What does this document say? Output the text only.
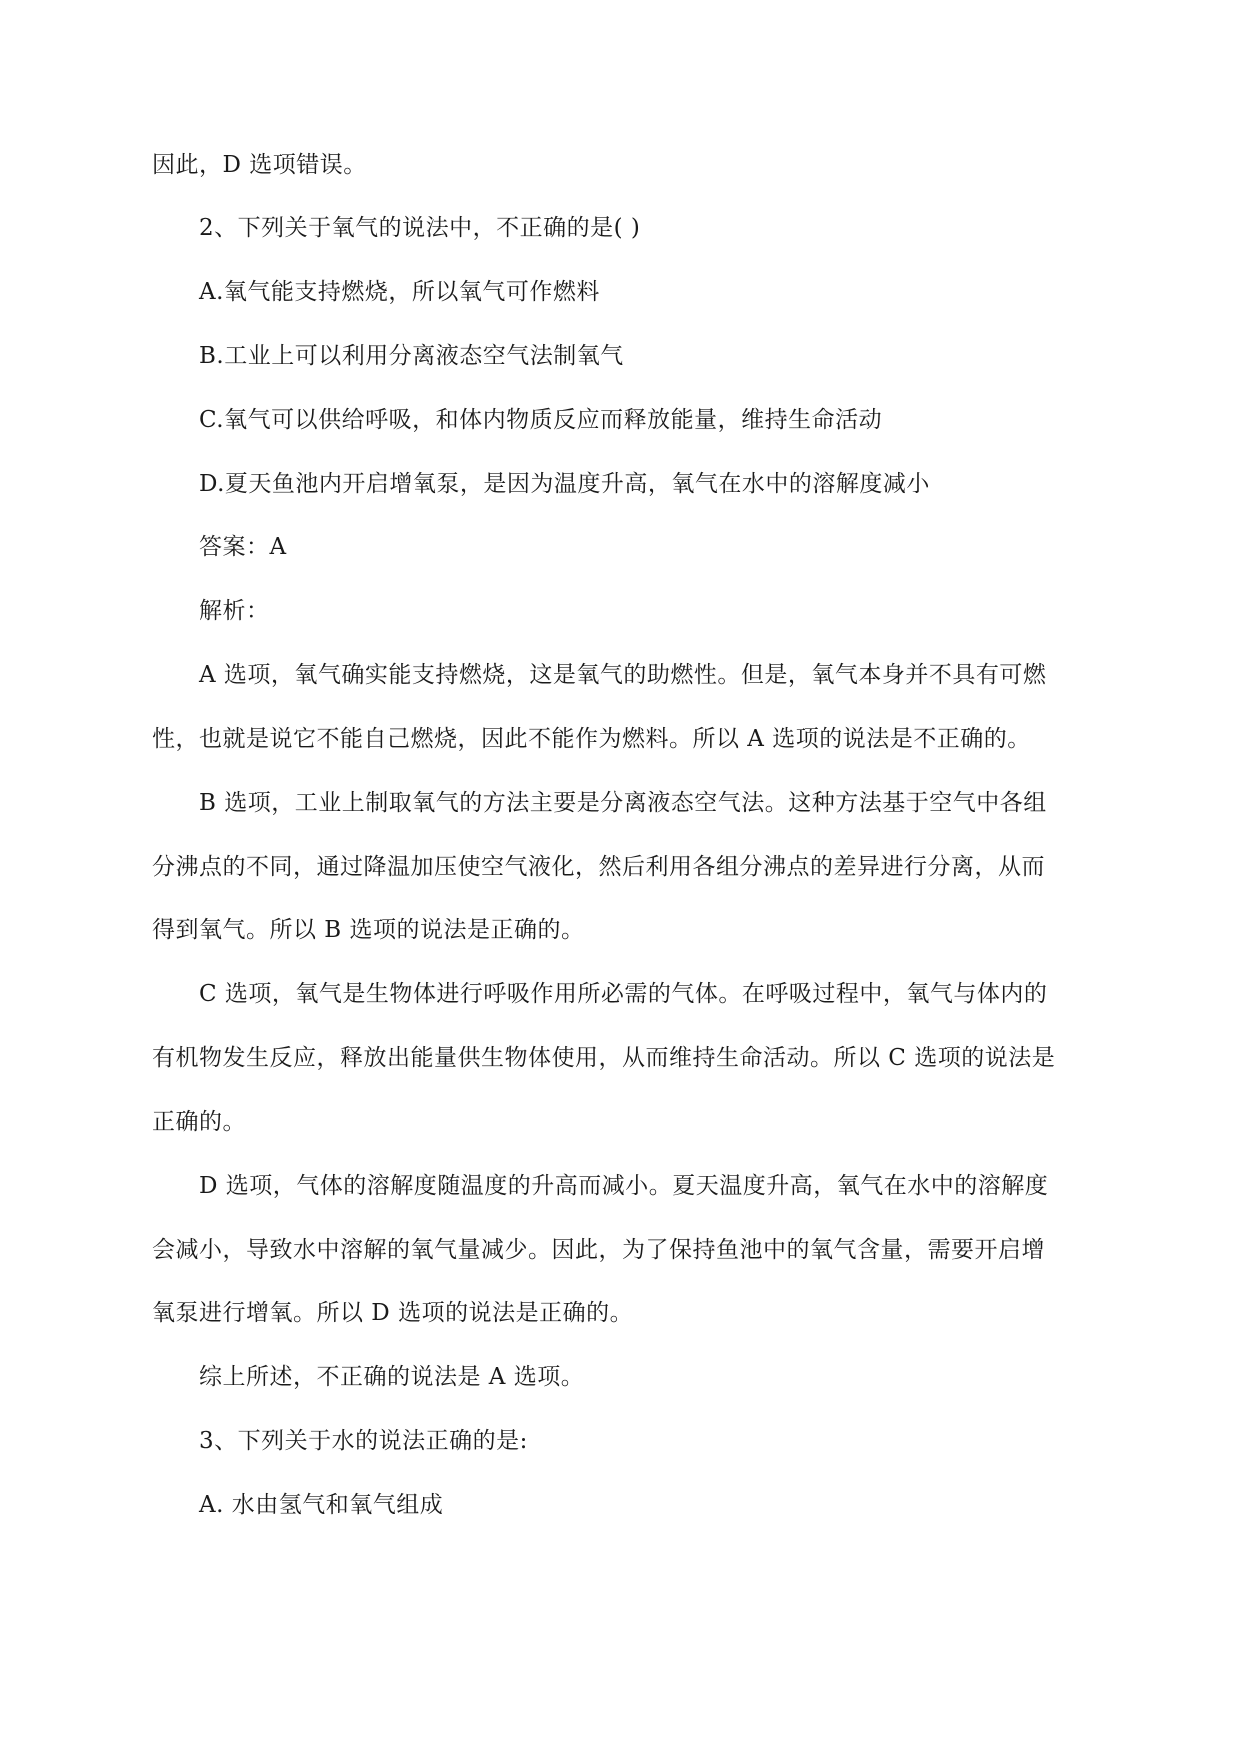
因此，D 选项错误。
2、下列关于氧气的说法中，不正确的是( )
A.氧气能支持燃烧，所以氧气可作燃料
B.工业上可以利用分离液态空气法制氧气
C.氧气可以供给呼吸，和体内物质反应而释放能量，维持生命活动
D.夏天鱼池内开启增氧泵，是因为温度升高，氧气在水中的溶解度减小
答案：A
解析：
A 选项，氧气确实能支持燃烧，这是氧气的助燃性。但是，氧气本身并不具有可燃
性，也就是说它不能自己燃烧，因此不能作为燃料。所以 A 选项的说法是不正确的。
B 选项，工业上制取氧气的方法主要是分离液态空气法。这种方法基于空气中各组
分沸点的不同，通过降温加压使空气液化，然后利用各组分沸点的差异进行分离，从而
得到氧气。所以 B 选项的说法是正确的。
C 选项，氧气是生物体进行呼吸作用所必需的气体。在呼吸过程中，氧气与体内的
有机物发生反应，释放出能量供生物体使用，从而维持生命活动。所以 C 选项的说法是
正确的。
D 选项，气体的溶解度随温度的升高而减小。夏天温度升高，氧气在水中的溶解度
会减小，导致水中溶解的氧气量减少。因此，为了保持鱼池中的氧气含量，需要开启增
氧泵进行增氧。所以 D 选项的说法是正确的。
综上所述，不正确的说法是 A 选项。
3、下列关于水的说法正确的是:
A. 水由氢气和氧气组成
